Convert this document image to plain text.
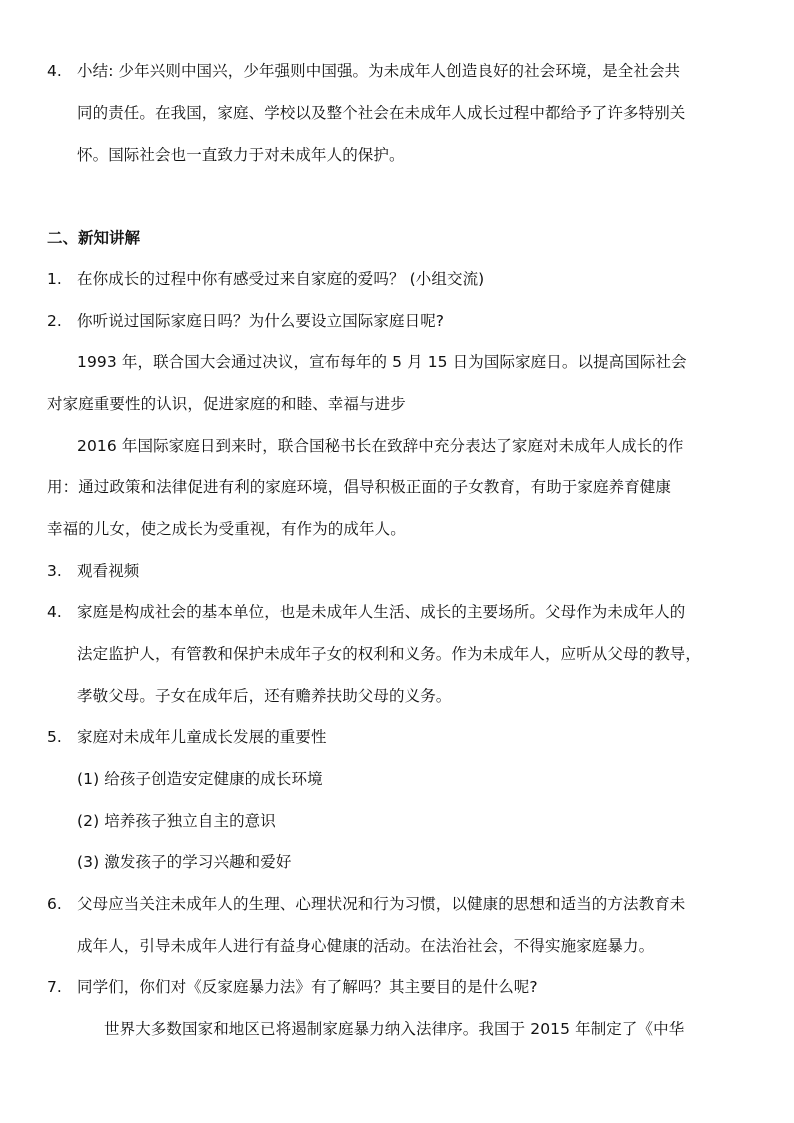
4. 小结: 少年兴则中国兴，少年强则中国强。为未成年人创造良好的社会环境，是全社会共
同的责任。在我国，家庭、学校以及整个社会在未成年人成长过程中都给予了许多特别关
怀。国际社会也一直致力于对未成年人的保护。
二、新知讲解
1. 在你成长的过程中你有感受过来自家庭的爱吗？ (小组交流)
2. 你听说过国际家庭日吗？为什么要设立国际家庭日呢?
1993 年，联合国大会通过决议，宣布每年的 5 月 15 日为国际家庭日。以提高国际社会
对家庭重要性的认识，促进家庭的和睦、幸福与进步
2016 年国际家庭日到来时，联合国秘书长在致辞中充分表达了家庭对未成年人成长的作
用：通过政策和法律促进有利的家庭环境，倡导积极正面的子女教育，有助于家庭养育健康
幸福的儿女，使之成长为受重视，有作为的成年人。
3. 观看视频
4. 家庭是构成社会的基本单位，也是未成年人生活、成长的主要场所。父母作为未成年人的
法定监护人，有管教和保护未成年子女的权利和义务。作为未成年人，应听从父母的教导，
孝敬父母。子女在成年后，还有赡养扶助父母的义务。
5. 家庭对未成年儿童成长发展的重要性
(1) 给孩子创造安定健康的成长环境
(2) 培养孩子独立自主的意识
(3) 激发孩子的学习兴趣和爱好
6. 父母应当关注未成年人的生理、心理状况和行为习惯，以健康的思想和适当的方法教育未
成年人，引导未成年人进行有益身心健康的活动。在法治社会，不得实施家庭暴力。
7. 同学们，你们对《反家庭暴力法》有了解吗？其主要目的是什么呢?
世界大多数国家和地区已将遏制家庭暴力纳入法律序。我国于 2015 年制定了《中华
